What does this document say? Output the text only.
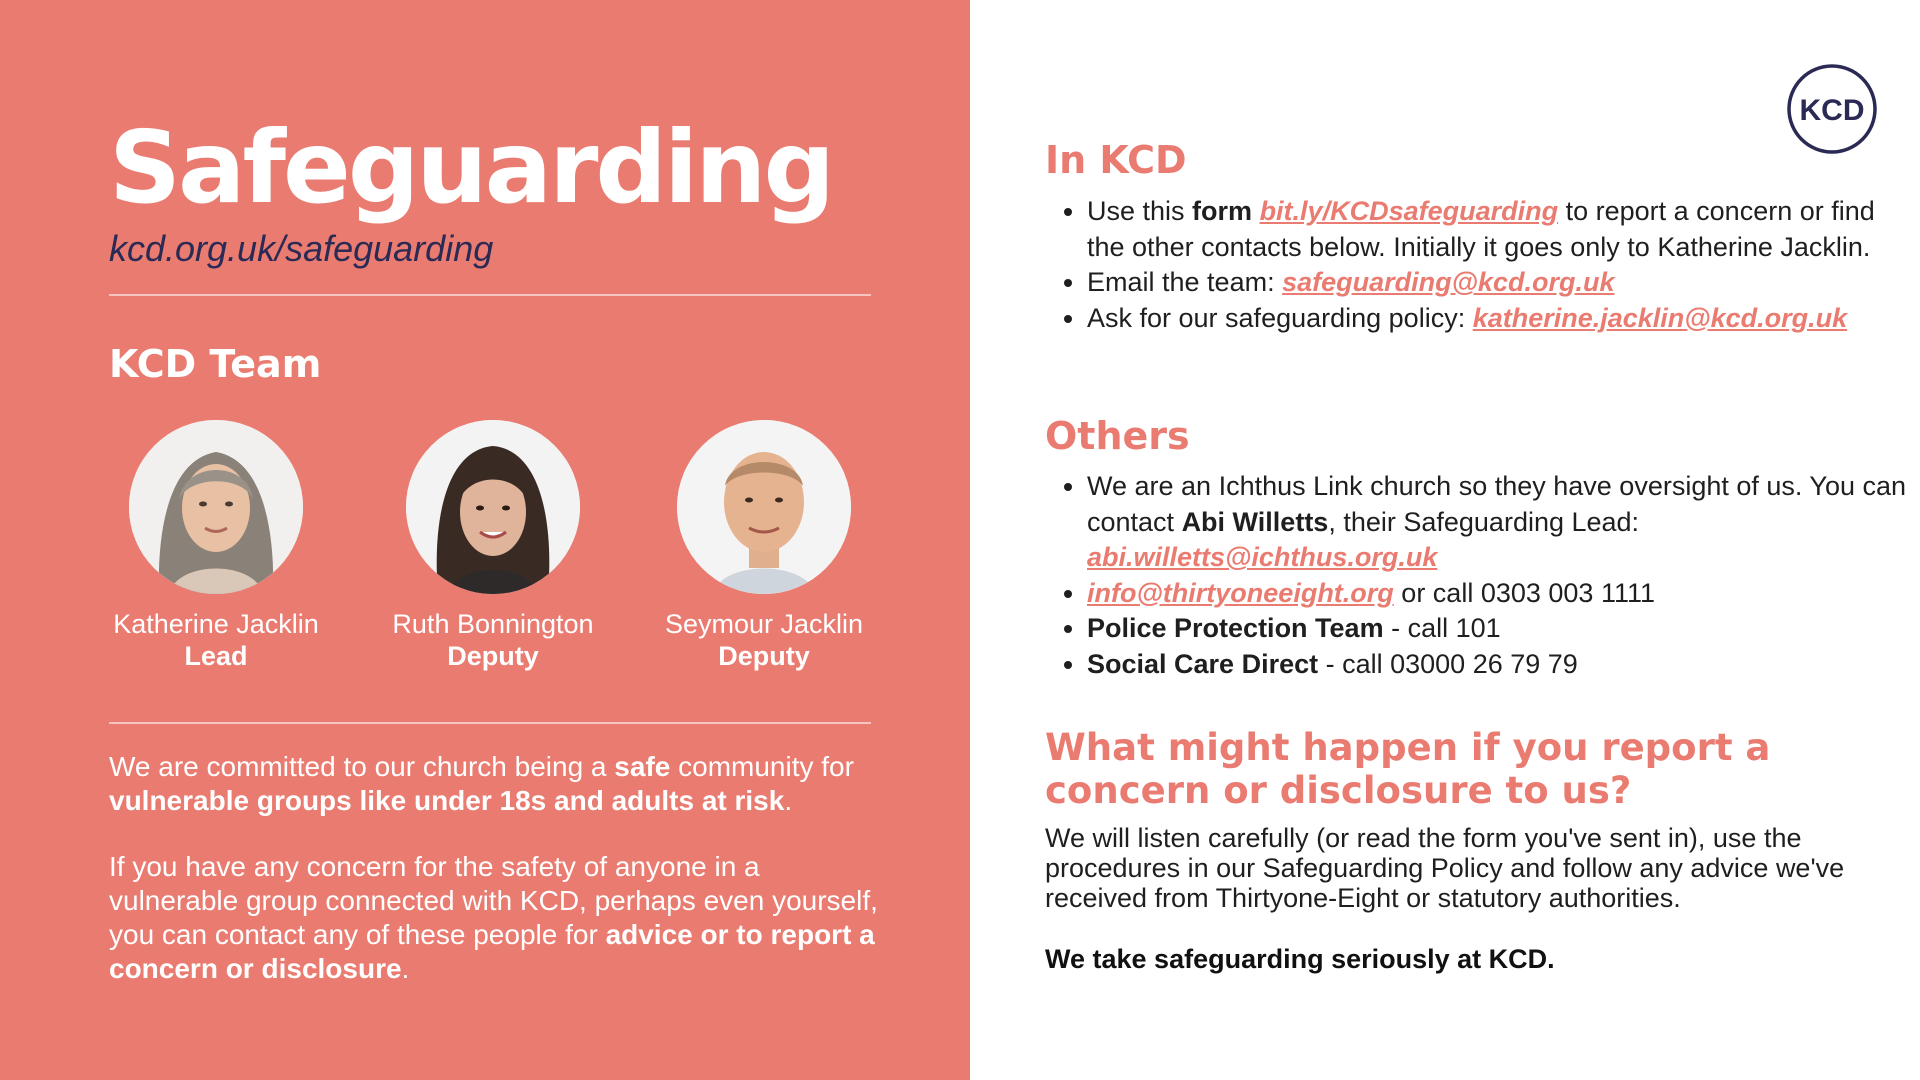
Safeguarding
kcd.org.uk/safeguarding
KCD Team
Katherine Jacklin
Lead
Ruth Bonnington
Deputy
Seymour Jacklin
Deputy

We are committed to our church being a safe community for vulnerable groups like under 18s and adults at risk.

If you have any concern for the safety of anyone in a vulnerable group connected with KCD, perhaps even yourself, you can contact any of these people for advice or to report a concern or disclosure.

KCD
In KCD
• Use this form bit.ly/KCDsafeguarding to report a concern or find the other contacts below. Initially it goes only to Katherine Jacklin.
• Email the team: safeguarding@kcd.org.uk
• Ask for our safeguarding policy: katherine.jacklin@kcd.org.uk
Others
• We are an Ichthus Link church so they have oversight of us. You can contact Abi Willetts, their Safeguarding Lead: abi.willetts@ichthus.org.uk
• info@thirtyoneeight.org or call 0303 003 1111
• Police Protection Team - call 101
• Social Care Direct - call 03000 26 79 79
What might happen if you report a concern or disclosure to us?

We will listen carefully (or read the form you've sent in), use the procedures in our Safeguarding Policy and follow any advice we've received from Thirtyone-Eight or statutory authorities.

We take safeguarding seriously at KCD.
